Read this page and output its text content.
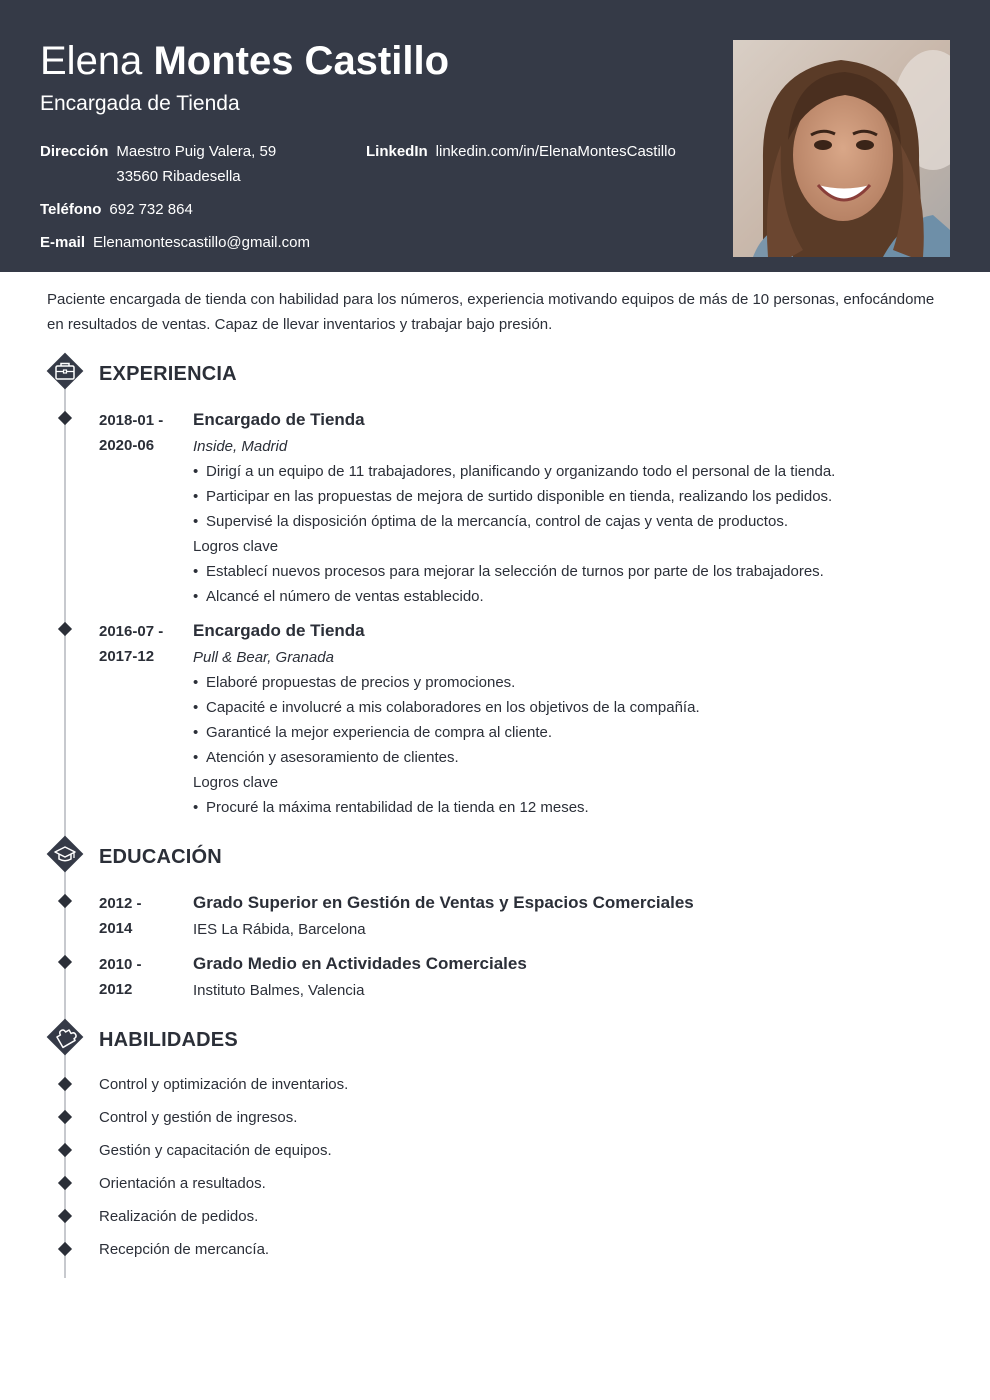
Elena Montes Castillo
Encargada de Tienda
Dirección Maestro Puig Valera, 59
33560 Ribadesella
LinkedIn linkedin.com/in/ElenaMontesCastillo
Teléfono 692 732 864
E-mail Elenamontescastillo@gmail.com
Paciente encargada de tienda con habilidad para los números, experiencia motivando equipos de más de 10 personas, enfocándome en resultados de ventas. Capaz de llevar inventarios y trabajar bajo presión.
EXPERIENCIA
2018-01 -
2020-06
Encargado de Tienda
Inside, Madrid
• Dirigí a un equipo de 11 trabajadores, planificando y organizando todo el personal de la tienda.
• Participar en las propuestas de mejora de surtido disponible en tienda, realizando los pedidos.
• Supervisé la disposición óptima de la mercancía, control de cajas y venta de productos.
Logros clave
• Establecí nuevos procesos para mejorar la selección de turnos por parte de los trabajadores.
• Alcancé el número de ventas establecido.
2016-07 -
2017-12
Encargado de Tienda
Pull & Bear, Granada
• Elaboré propuestas de precios y promociones.
• Capacité e involucré a mis colaboradores en los objetivos de la compañía.
• Garanticé la mejor experiencia de compra al cliente.
• Atención y asesoramiento de clientes.
Logros clave
• Procuré la máxima rentabilidad de la tienda en 12 meses.
EDUCACIÓN
2012 -
2014
Grado Superior en Gestión de Ventas y Espacios Comerciales
IES La Rábida, Barcelona
2010 -
2012
Grado Medio en Actividades Comerciales
Instituto Balmes, Valencia
HABILIDADES
Control y optimización de inventarios.
Control y gestión de ingresos.
Gestión y capacitación de equipos.
Orientación a resultados.
Realización de pedidos.
Recepción de mercancía.
